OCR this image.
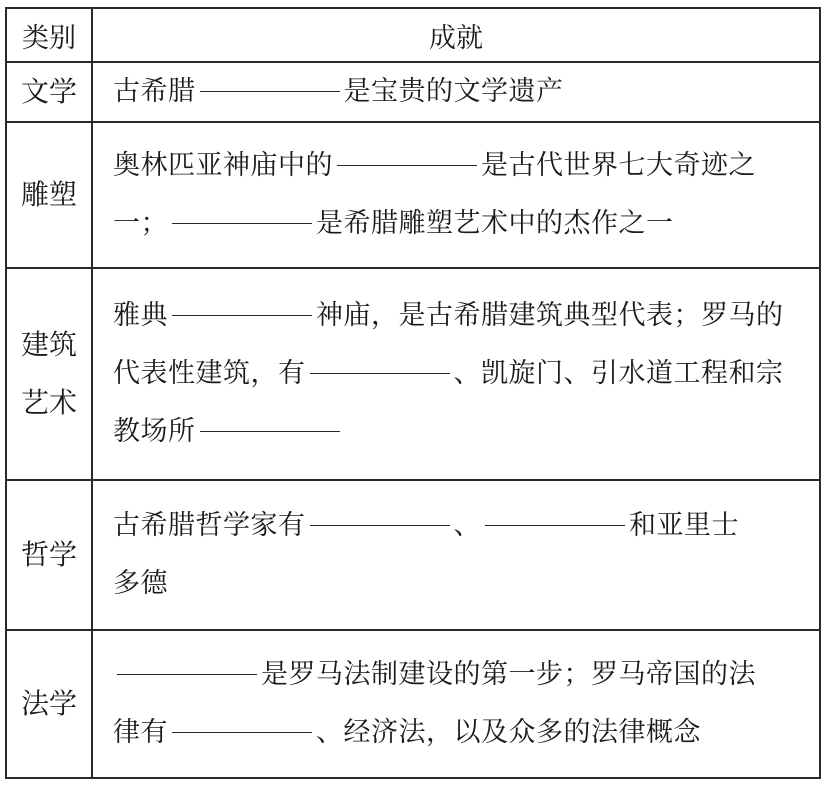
类别	成就

文学	古希腊 是宝贵的文学遗产

雕塑	奥林匹亚神庙中的 是古代世界七大奇迹之
一； 是希腊雕塑艺术中的杰作之一

建筑
艺术	雅典 神庙，是古希腊建筑典型代表；罗马的
代表性建筑，有 、凯旋门、引水道工程和宗
教场所

哲学	古希腊哲学家有 、 和亚里士
多德

法学	是罗马法制建设的第一步；罗马帝国的法
律有 、经济法，以及众多的法律概念
